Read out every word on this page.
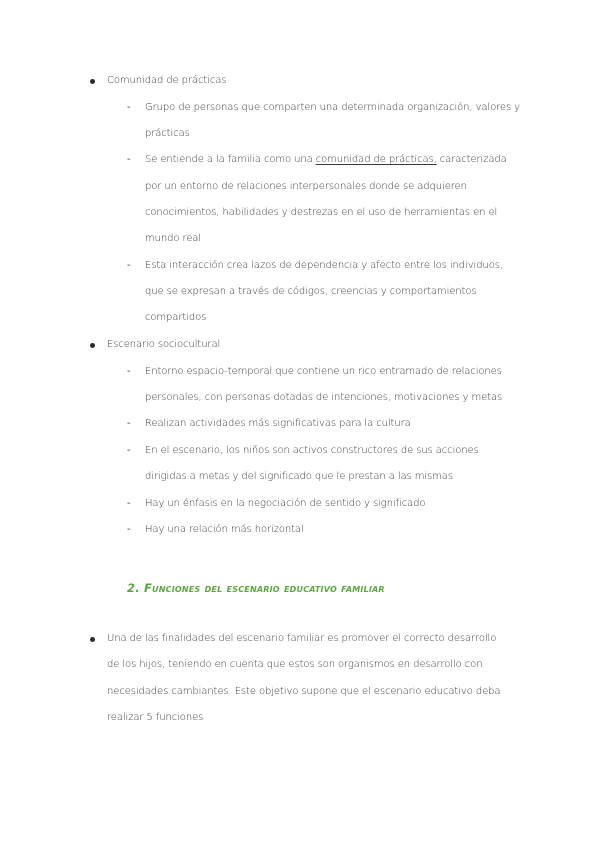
Comunidad de prácticas
- Grupo de personas que comparten una determinada organización, valores y
prácticas
- Se entiende a la familia como una comunidad de prácticas, caracterizada
por un entorno de relaciones interpersonales donde se adquieren
conocimientos, habilidades y destrezas en el uso de herramientas en el
mundo real
- Esta interacción crea lazos de dependencia y afecto entre los individuos,
que se expresan a través de códigos, creencias y comportamientos
compartidos
Escenario sociocultural
- Entorno espacio-temporal que contiene un rico entramado de relaciones
personales, con personas dotadas de intenciones, motivaciones y metas
- Realizan actividades más significativas para la cultura
- En el escenario, los niños son activos constructores de sus acciones
dirigidas a metas y del significado que le prestan a las mismas
- Hay un énfasis en la negociación de sentido y significado
- Hay una relación más horizontal
2. Funciones del escenario educativo familiar
Una de las finalidades del escenario familiar es promover el correcto desarrollo
de los hijos, teniendo en cuenta que estos son organismos en desarrollo con
necesidades cambiantes. Este objetivo supone que el escenario educativo deba
realizar 5 funciones
